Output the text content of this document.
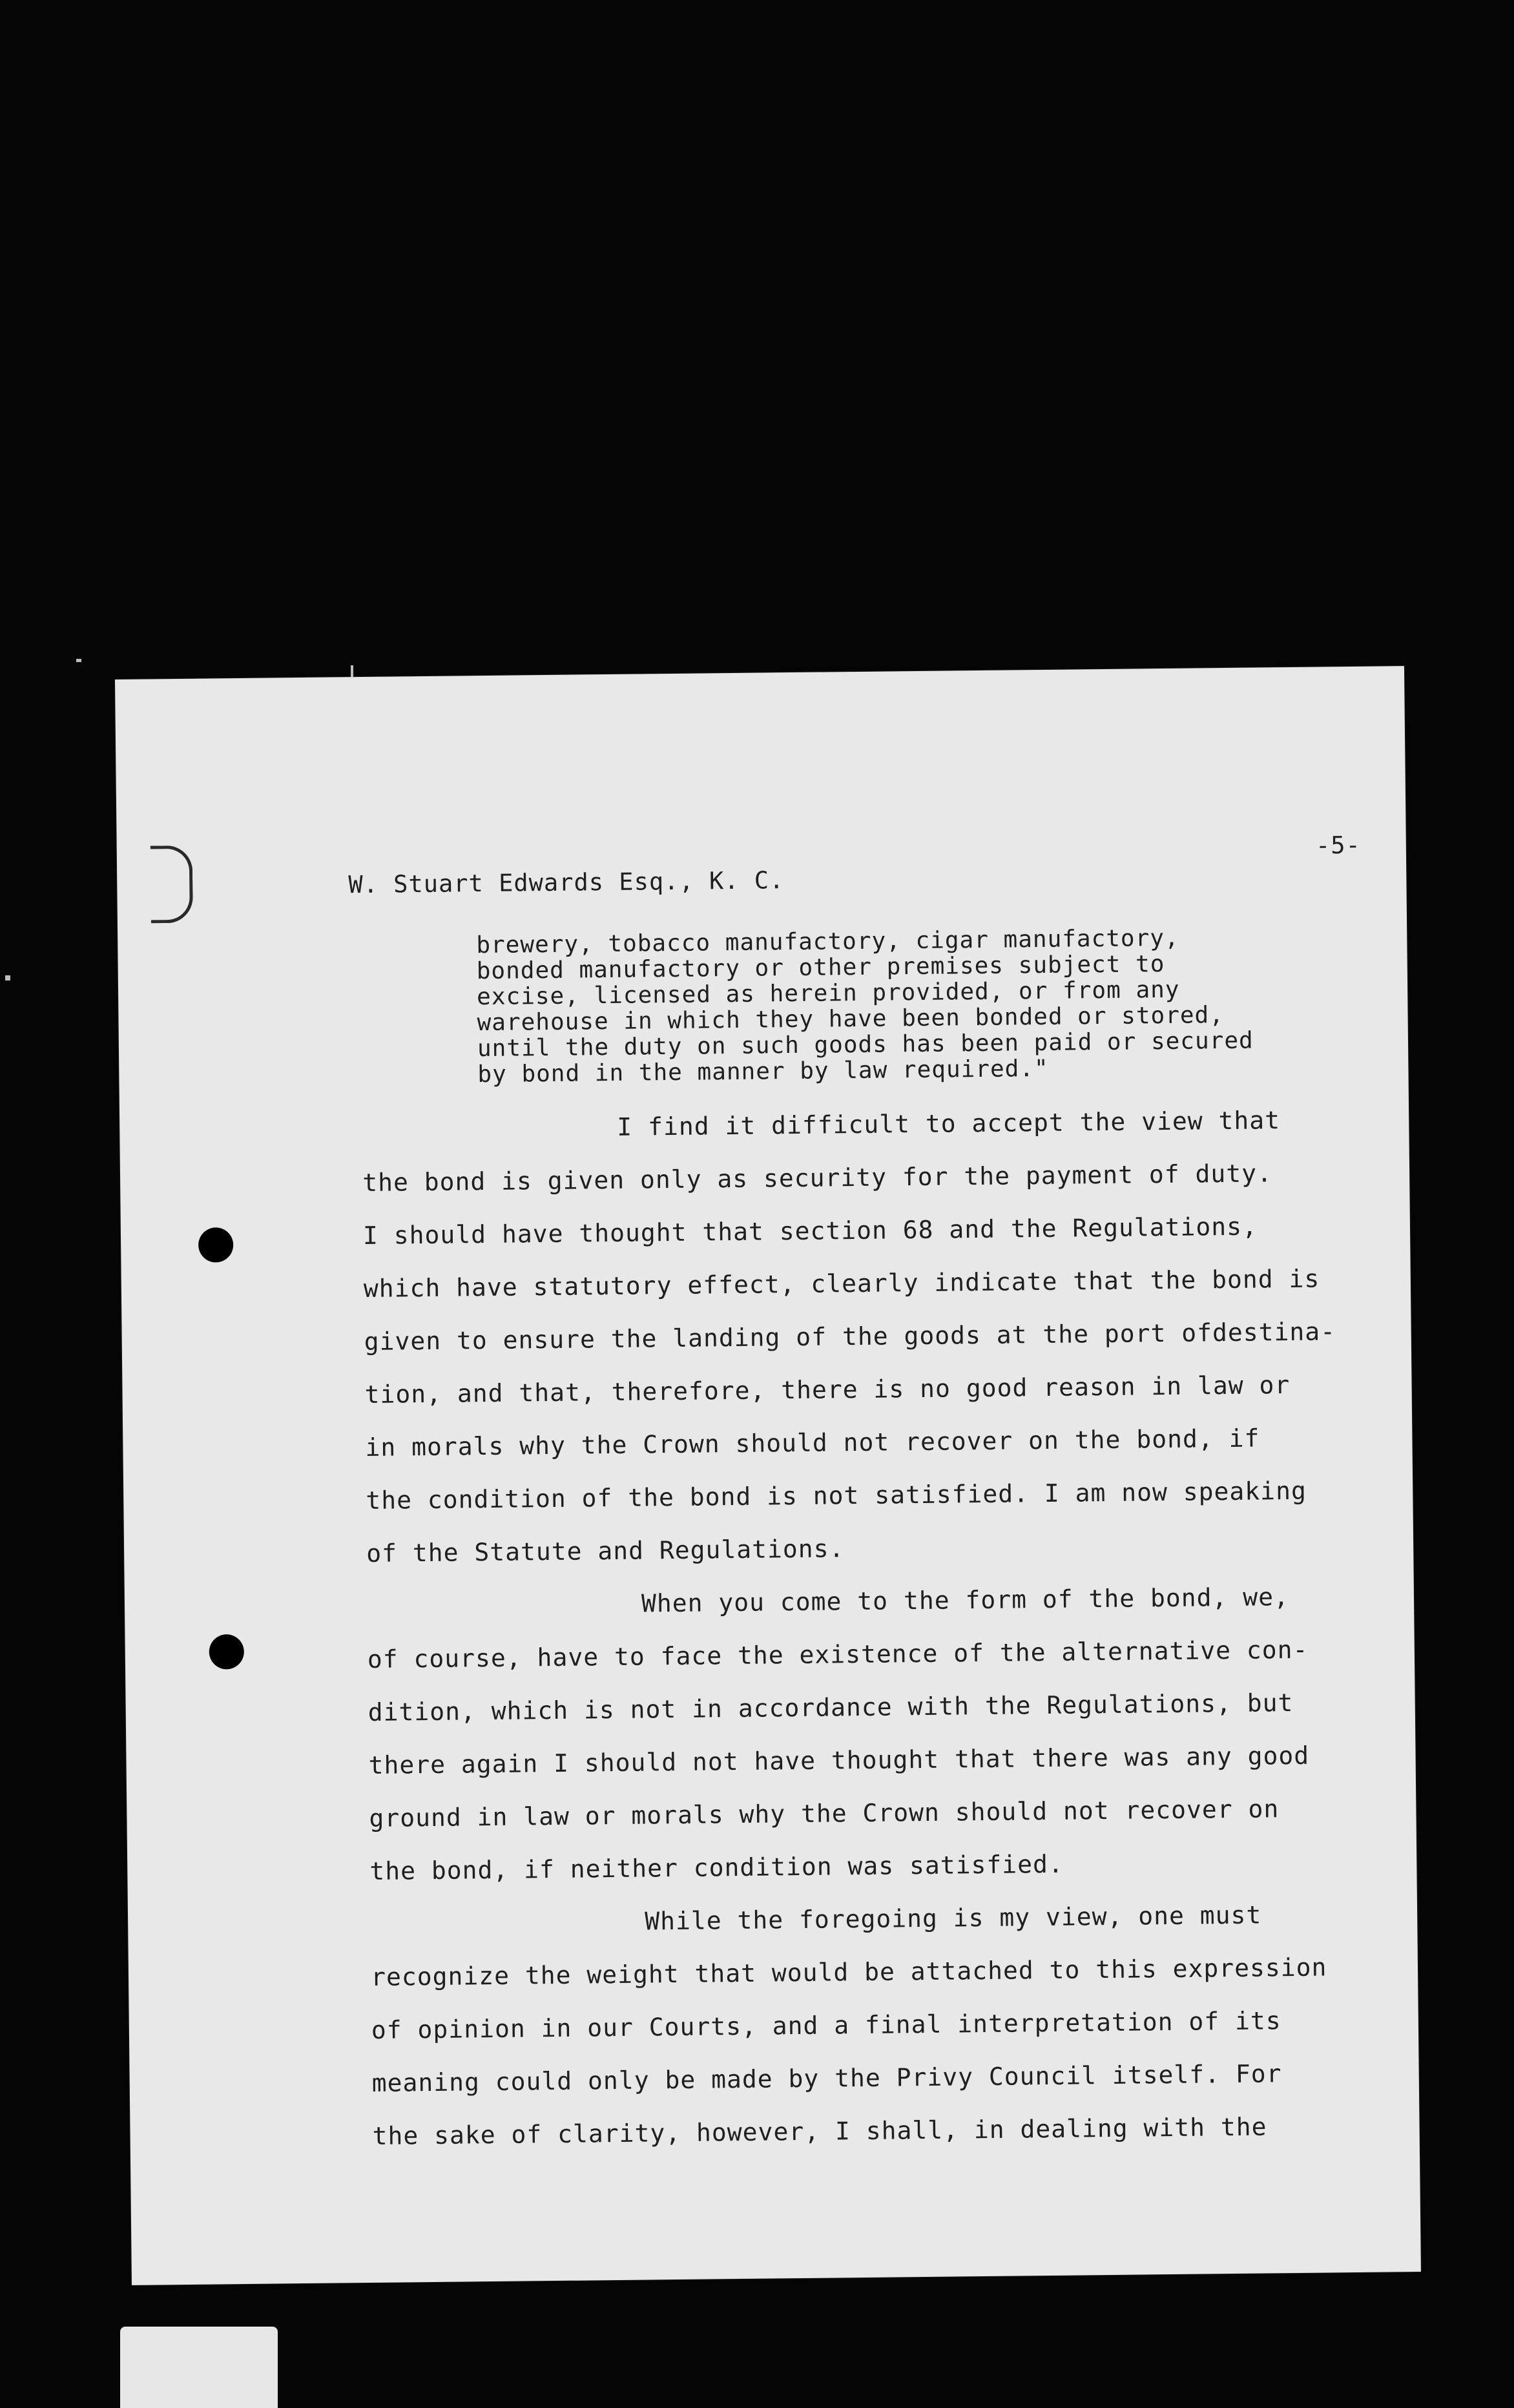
-5-
W. Stuart Edwards Esq., K. C.
brewery, tobacco manufactory, cigar manufactory,
bonded manufactory or other premises subject to
excise, licensed as herein provided, or from any
warehouse in which they have been bonded or stored,
until the duty on such goods has been paid or secured
by bond in the manner by law required."
I find it difficult to accept the view that
the bond is given only as security for the payment of duty.
I should have thought that section 68 and the Regulations,
which have statutory effect, clearly indicate that the bond is
given to ensure the landing of the goods at the port ofdestina-
tion, and that, therefore, there is no good reason in law or
in morals why the Crown should not recover on the bond, if
the condition of the bond is not satisfied. I am now speaking
of the Statute and Regulations.
When you come to the form of the bond, we,
of course, have to face the existence of the alternative con-
dition, which is not in accordance with the Regulations, but
there again I should not have thought that there was any good
ground in law or morals why the Crown should not recover on
the bond, if neither condition was satisfied.
While the foregoing is my view, one must
recognize the weight that would be attached to this expression
of opinion in our Courts, and a final interpretation of its
meaning could only be made by the Privy Council itself. For
the sake of clarity, however, I shall, in dealing with the
